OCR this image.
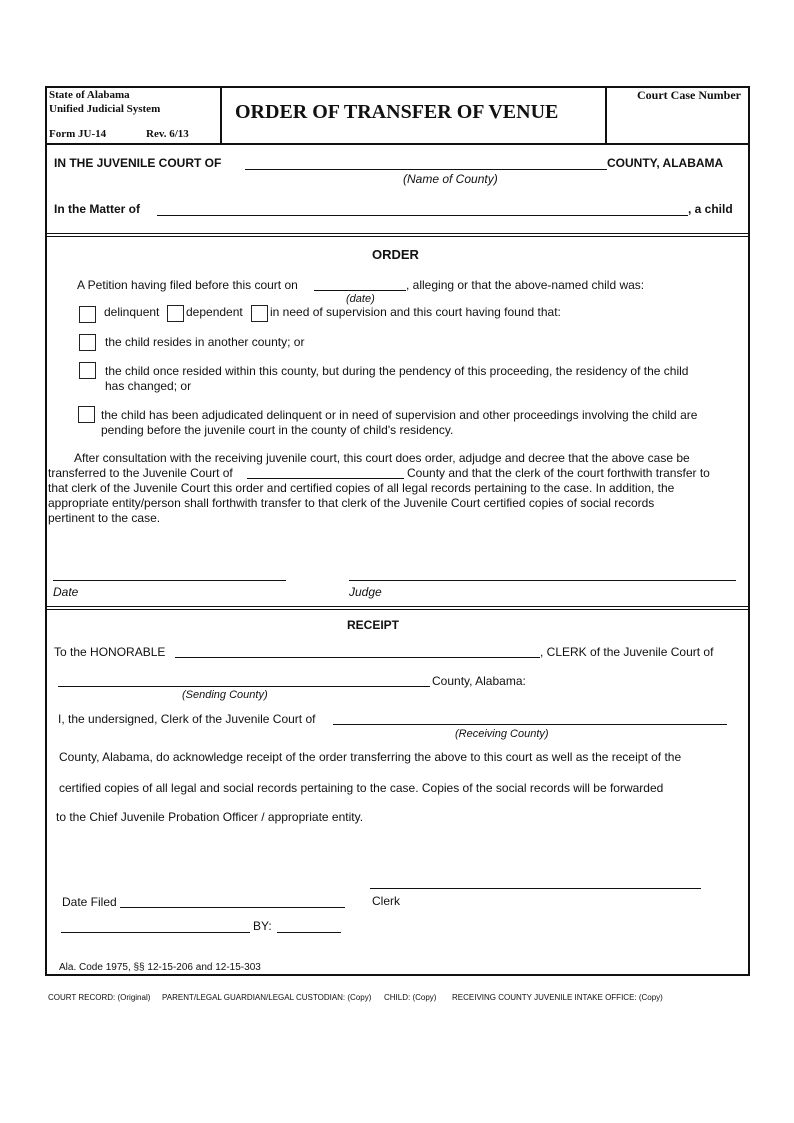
State of Alabama
Unified Judicial System
Form JU-14	Rev. 6/13
ORDER OF TRANSFER OF VENUE
Court Case Number
IN THE JUVENILE COURT OF	COUNTY, ALABAMA
(Name of County)
In the Matter of	, a child
ORDER
A Petition having filed before this court on	, alleging or that the above-named child was:
(date)
delinquent dependent in need of supervision and this court having found that:
the child resides in another county; or
the child once resided within this county, but during the pendency of this proceeding, the residency of the child
has changed; or
the child has been adjudicated delinquent or in need of supervision and other proceedings involving the child are
pending before the juvenile court in the county of child's residency.
After consultation with the receiving juvenile court, this court does order, adjudge and decree that the above case be
transferred to the Juvenile Court of	County and that the clerk of the court forthwith transfer to
that clerk of the Juvenile Court this order and certified copies of all legal records pertaining to the case. In addition, the
appropriate entity/person shall forthwith transfer to that clerk of the Juvenile Court certified copies of social records
pertinent to the case.
Date	Judge
RECEIPT
To the HONORABLE	, CLERK of the Juvenile Court of
County, Alabama:
(Sending County)
I, the undersigned, Clerk of the Juvenile Court of
(Receiving County)
County, Alabama, do acknowledge receipt of the order transferring the above to this court as well as the receipt of the
certified copies of all legal and social records pertaining to the case. Copies of the social records will be forwarded
to the Chief Juvenile Probation Officer / appropriate entity.
Clerk
Date Filed
BY:
Ala. Code 1975, §§ 12-15-206 and 12-15-303
COURT RECORD: (Original) PARENT/LEGAL GUARDIAN/LEGAL CUSTODIAN: (Copy) CHILD: (Copy) RECEIVING COUNTY JUVENILE INTAKE OFFICE: (Copy)
